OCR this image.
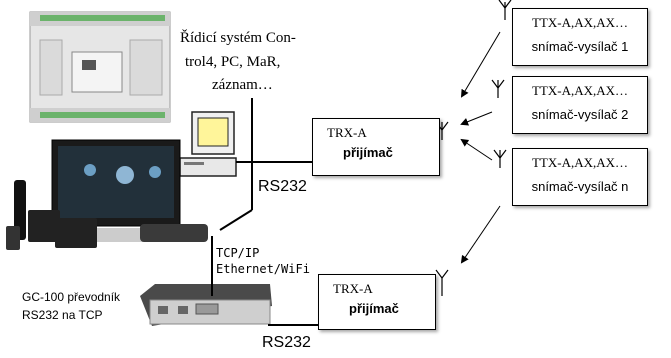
Řídicí systém Con-
trol4, PC, MaR,
záznam…
TRX-A
přijímač
TRX-A
přijímač
TTX-A,AX,AX…
snímač-vysílač 1
TTX-A,AX,AX…
snímač-vysílač 2
TTX-A,AX,AX…
snímač-vysílač n
RS232
TCP/IP
Ethernet/WiFi
RS232
GC-100 převodník
RS232 na TCP
